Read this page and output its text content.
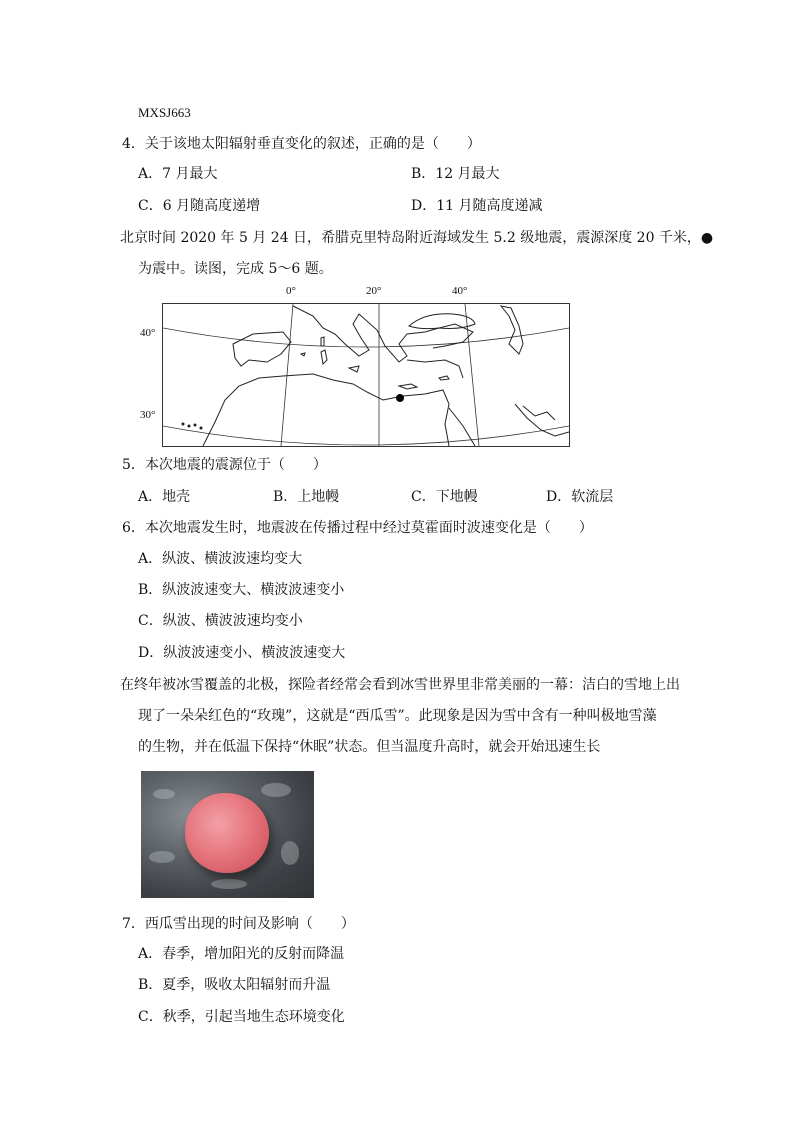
MXSJ663
4．关于该地太阳辐射垂直变化的叙述，正确的是（　　）
A．7 月最大	B．12 月最大
C．6 月随高度递增	D．11 月随高度递减
北京时间 2020 年 5 月 24 日，希腊克里特岛附近海域发生 5.2 级地震，震源深度 20 千米，●
为震中。读图，完成 5～6 题。
0°	20°	40°
40°
30°
5．本次地震的震源位于（　　）
A．地壳	B．上地幔	C．下地幔	D．软流层
6．本次地震发生时，地震波在传播过程中经过莫霍面时波速变化是（　　）
A．纵波、横波波速均变大
B．纵波波速变大、横波波速变小
C．纵波、横波波速均变小
D．纵波波速变小、横波波速变大
在终年被冰雪覆盖的北极，探险者经常会看到冰雪世界里非常美丽的一幕：洁白的雪地上出
现了一朵朵红色的“玫瑰”，这就是“西瓜雪”。此现象是因为雪中含有一种叫极地雪藻
的生物，并在低温下保持“休眠”状态。但当温度升高时，就会开始迅速生长
7．西瓜雪出现的时间及影响（　　）
A．春季，增加阳光的反射而降温
B．夏季，吸收太阳辐射而升温
C．秋季，引起当地生态环境变化
